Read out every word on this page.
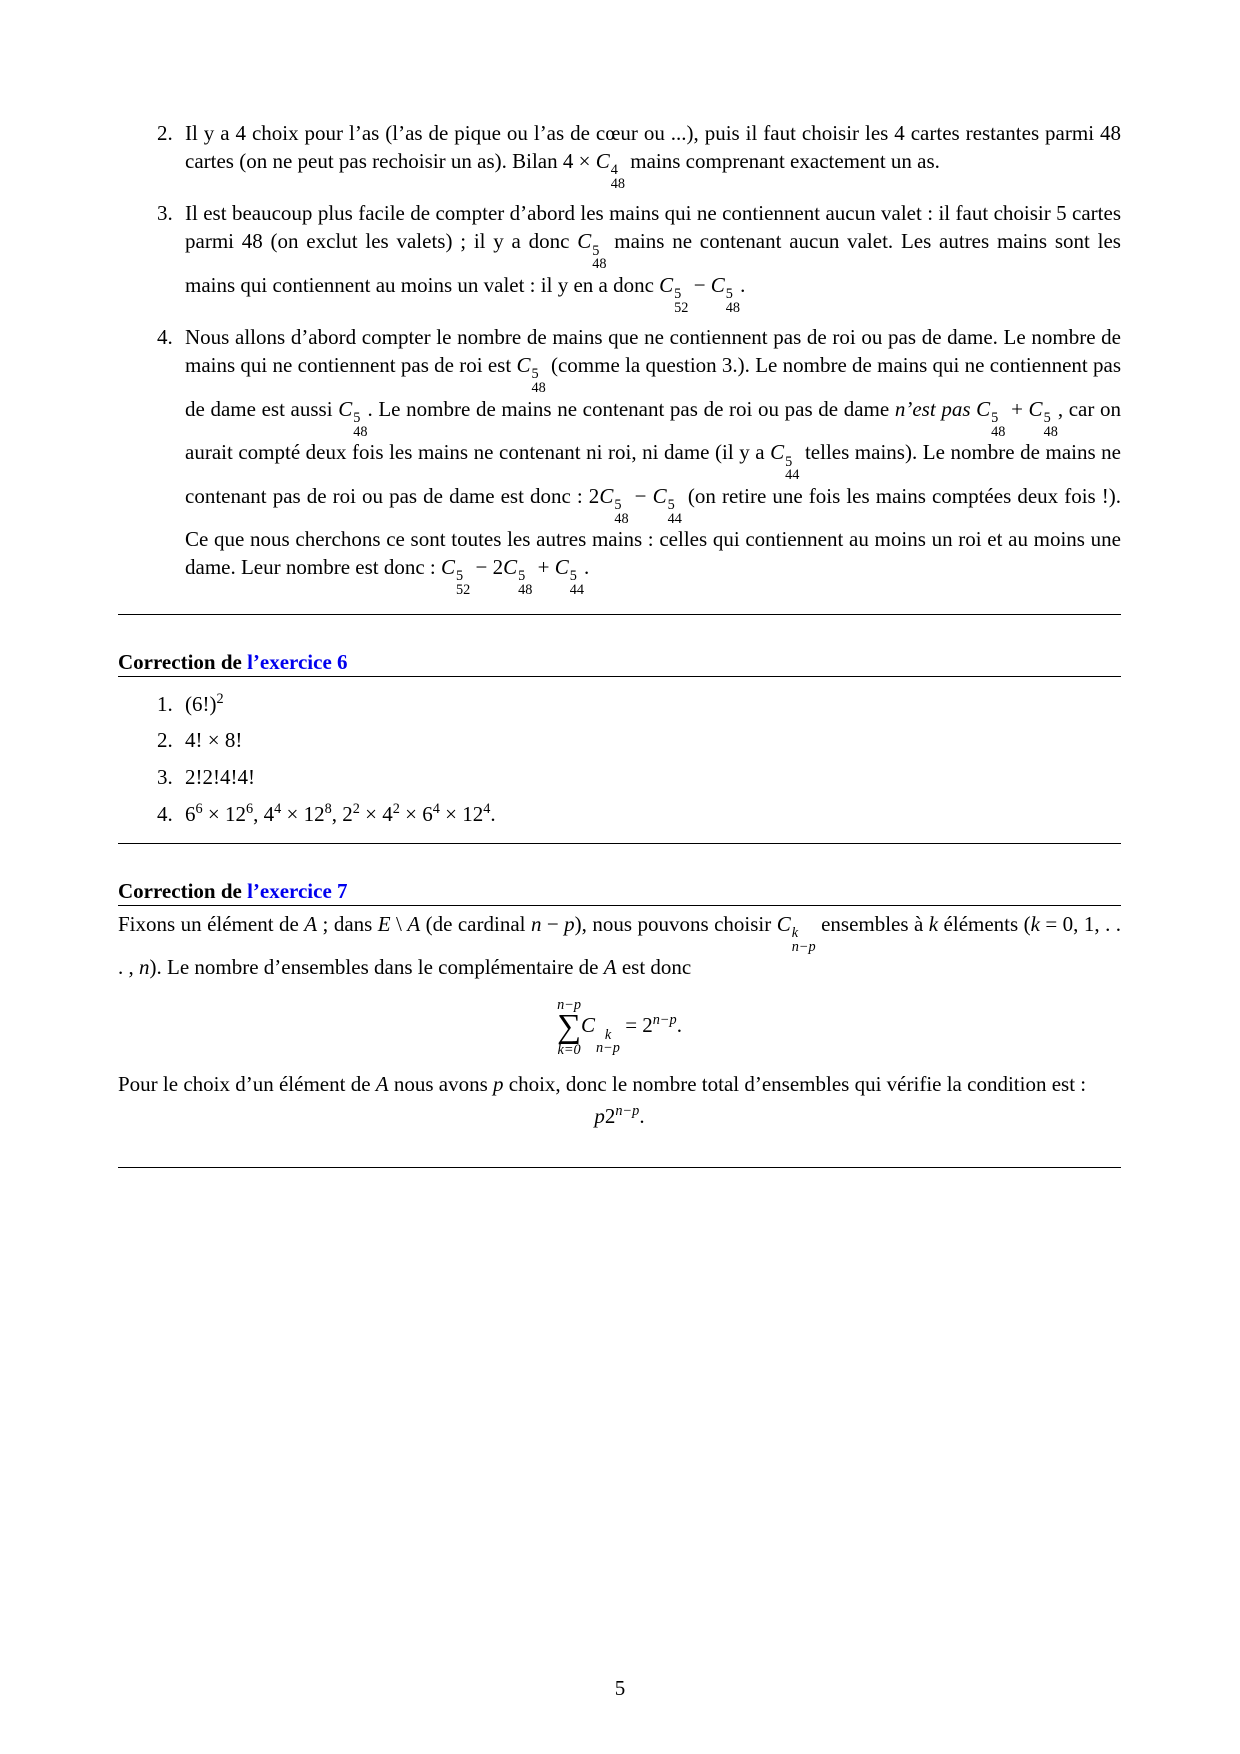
2. Il y a 4 choix pour l’as (l’as de pique ou l’as de cœur ou ...), puis il faut choisir les 4 cartes restantes parmi 48 cartes (on ne peut pas rechoisir un as). Bilan 4 × C 4
48
mains comprenant exactement un as.
3. Il est beaucoup plus facile de compter d’abord les mains qui ne contiennent aucun valet : il faut choisir 5 cartes parmi 48 (on exclut les valets) ; il y a donc C 5
48
mains ne contenant aucun valet. Les autres mains sont les mains qui contiennent au moins un valet : il y en a donc C 5
52
− C 5
48
.
4. Nous allons d’abord compter le nombre de mains que ne contiennent pas de roi ou pas de dame. Le nombre de mains qui ne contiennent pas de roi est C 5
48
(comme la question 3.). Le nombre de mains qui ne contiennent pas de dame est aussi C 5
48
. Le nombre de mains ne contenant pas de roi ou pas de dame n’est pas C 5
48
+ C 5
48
, car on aurait compté deux fois les mains ne contenant ni roi, ni dame (il y a C 5
44
telles mains). Le nombre de mains ne contenant pas de roi ou pas de dame est donc : 2C 5
48
− C 5
44
(on retire une fois les mains comptées deux fois !). Ce que nous cherchons ce sont toutes les autres mains : celles qui contiennent au moins un roi et au moins une dame. Leur nombre est donc : C 5
52
− 2C 5
48
+ C 5
44
.
Correction de l’exercice 6
1. $(6!)^2$
2. 4! × 8!
3. 2!2!4!4!
4. $6^6 \times 12^6$, $4^4 \times 12^8$, $2^2 \times 4^2 \times 6^4 \times 12^4$.
Correction de l’exercice 7
Fixons un élément de A ; dans E \ A (de cardinal n − p), nous pouvons choisir C k
n−p
ensembles à k éléments (k = 0, 1, . . . , n). Le nombre d’ensembles dans le complémentaire de A est donc
n−p
∑
k=0
C k
n−p
= $2^{n-p}$.
Pour le choix d’un élément de A nous avons p choix, donc le nombre total d’ensembles qui vérifie la condition est :
$p2^{n-p}$.
5
